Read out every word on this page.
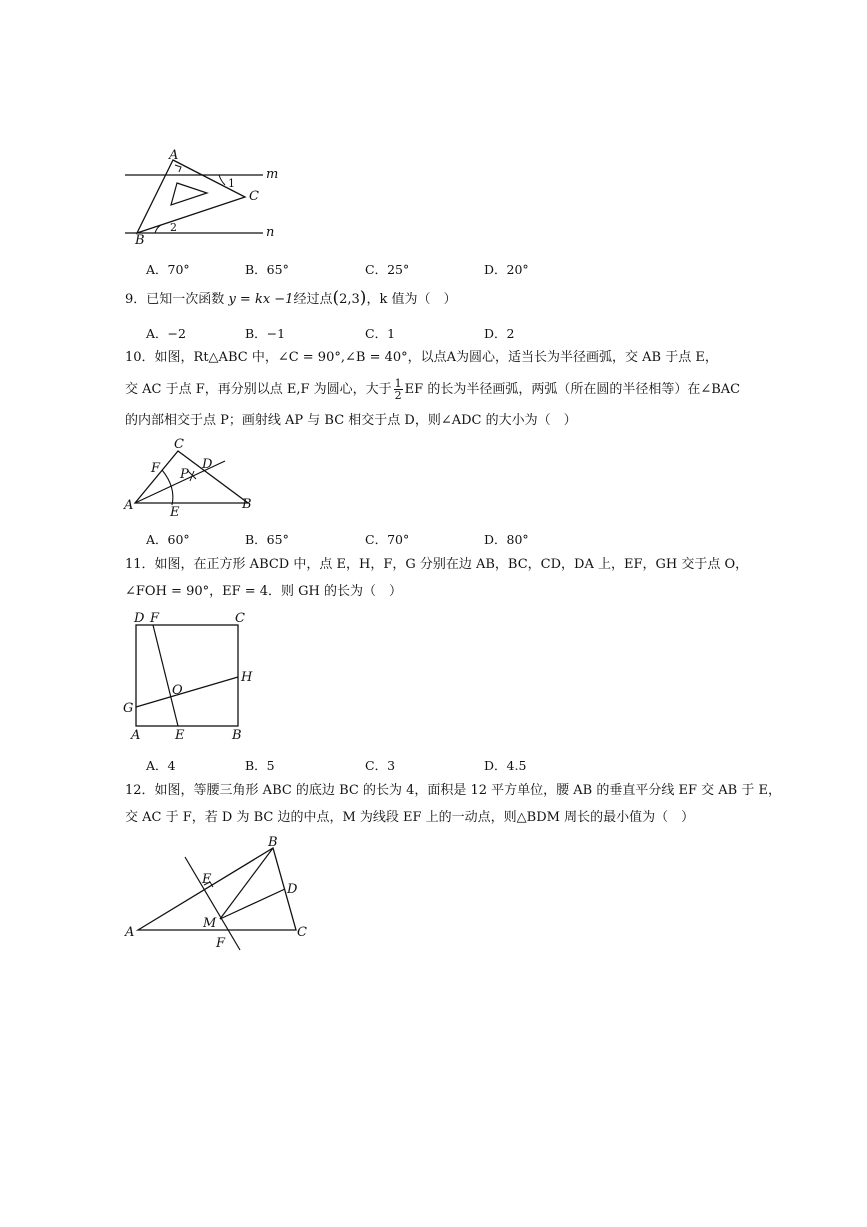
A
B
C
m
n
1
2
A．70°	B．65°	C．25°	D．20°
9．已知一次函数 y = kx −1经过点(2,3)，k 值为（　）
A．−2	B．−1	C．1	D．2
10．如图，Rt△ABC 中，∠C = 90°,∠B = 40°，以点A为圆心，适当长为半径画弧，交 AB 于点 E，
交 AC 于点 F，再分别以点 E,F 为圆心，大于 $\frac{1}{2}$ EF 的长为半径画弧，两弧（所在圆的半径相等）在∠BAC
的内部相交于点 P；画射线 AP 与 BC 相交于点 D，则∠ADC 的大小为（　）
A	B
C
D
E
F P
A．60°	B．65°	C．70°	D．80°
11．如图，在正方形 ABCD 中，点 E，H，F，G 分别在边 AB，BC，CD，DA 上，EF，GH 交于点 O，
∠FOH = 90°，EF = 4．则 GH 的长为（　）
D F	C
H
G
O
A	E	B
A．4	B．5	C．3	D．4.5
12．如图，等腰三角形 ABC 的底边 BC 的长为 4，面积是 12 平方单位，腰 AB 的垂直平分线 EF 交 AB 于 E，
交 AC 于 F，若 D 为 BC 边的中点，M 为线段 EF 上的一动点，则△BDM 周长的最小值为（　）
A
B
C
D
E
F
M
